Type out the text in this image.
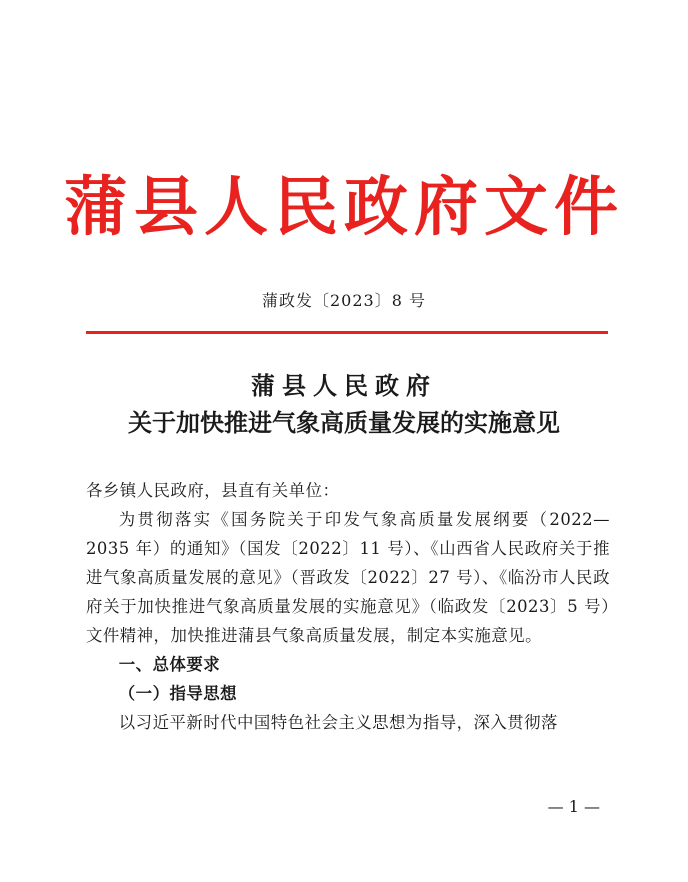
蒲县人民政府文件
蒲政发〔2023〕8 号
蒲县人民政府
关于加快推进气象高质量发展的实施意见

各乡镇人民政府，县直有关单位：

为贯彻落实《国务院关于印发气象高质量发展纲要（2022—2035 年）的通知》（国发〔2022〕11 号）、《山西省人民政府关于推进气象高质量发展的意见》（晋政发〔2022〕27 号）、《临汾市人民政府关于加快推进气象高质量发展的实施意见》（临政发〔2023〕5 号）文件精神，加快推进蒲县气象高质量发展，制定本实施意见。

一、总体要求

（一）指导思想

以习近平新时代中国特色社会主义思想为指导，深入贯彻落

— 1 —
